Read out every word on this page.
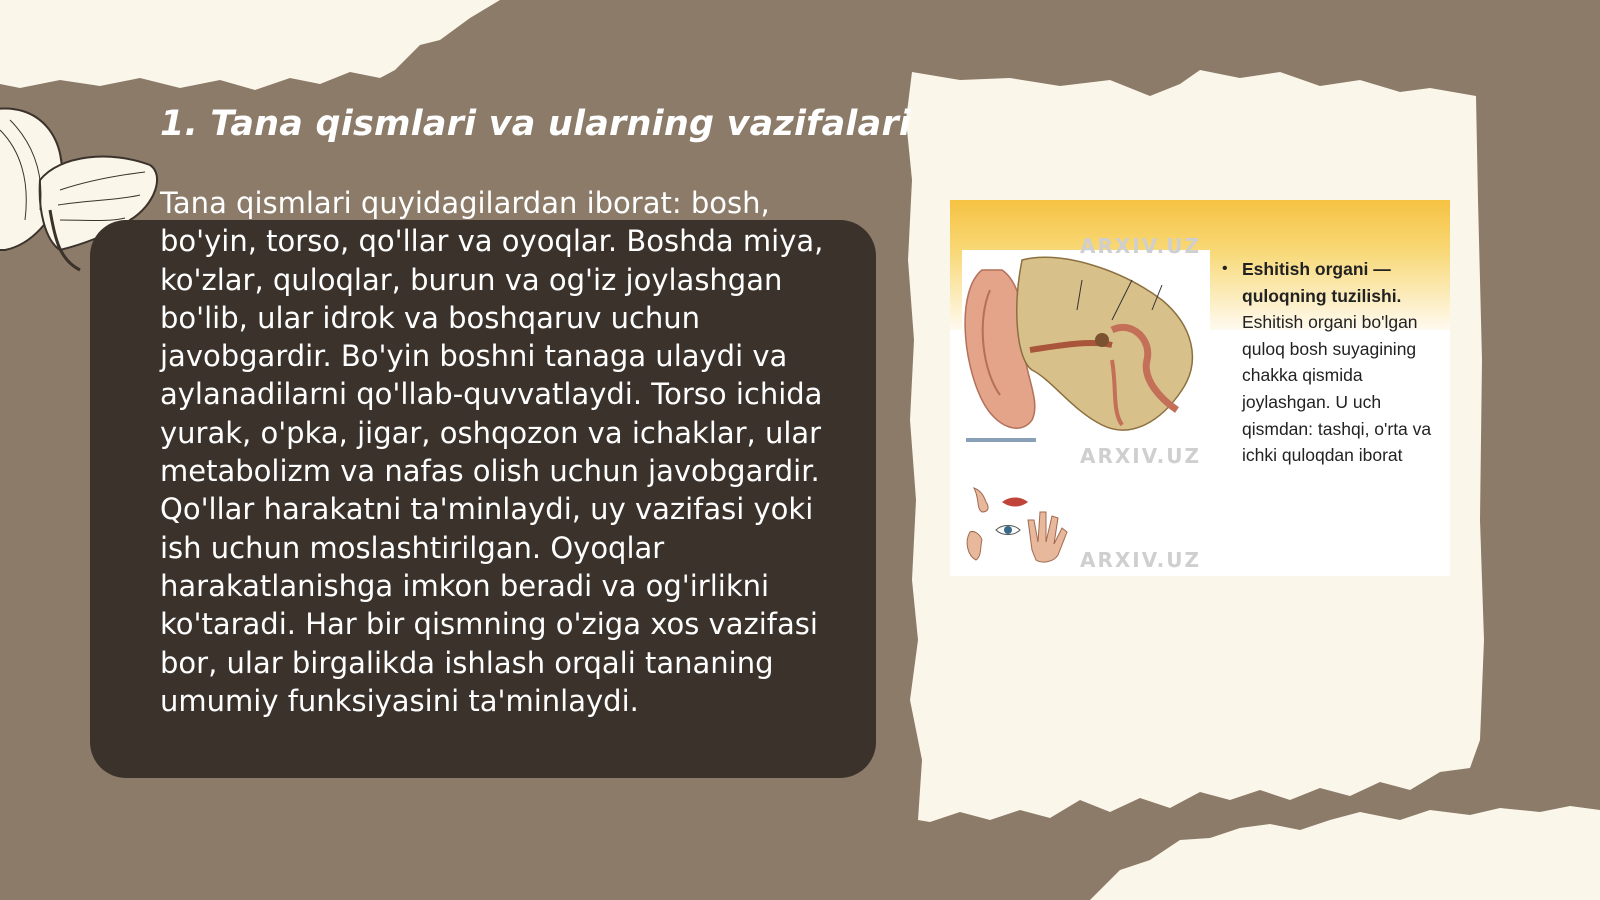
1. Tana qismlari va ularning vazifalari

Tana qismlari quyidagilardan iborat: bosh, bo'yin, torso, qo'llar va oyoqlar. Boshda miya, ko'zlar, quloqlar, burun va og'iz joylashgan bo'lib, ular idrok va boshqaruv uchun javobgardir. Bo'yin boshni tanaga ulaydi va aylanadilarni qo'llab-quvvatlaydi. Torso ichida yurak, o'pka, jigar, oshqozon va ichaklar, ular metabolizm va nafas olish uchun javobgardir. Qo'llar harakatni ta'minlaydi, uy vazifasi yoki ish uchun moslashtirilgan. Oyoqlar harakatlanishga imkon beradi va og'irlikni ko'taradi. Har bir qismning o'ziga xos vazifasi bor, ular birgalikda ishlash orqali tananing umumiy funksiyasini ta'minlaydi.

ARXIV.UZ
ARXIV.UZ
ARXIV.UZ
• Eshitish organi — quloqning tuzilishi. Eshitish organi bo'lgan quloq bosh suyagining chakka qismida joylashgan. U uch qismdan: tashqi, o'rta va ichki quloqdan iborat
